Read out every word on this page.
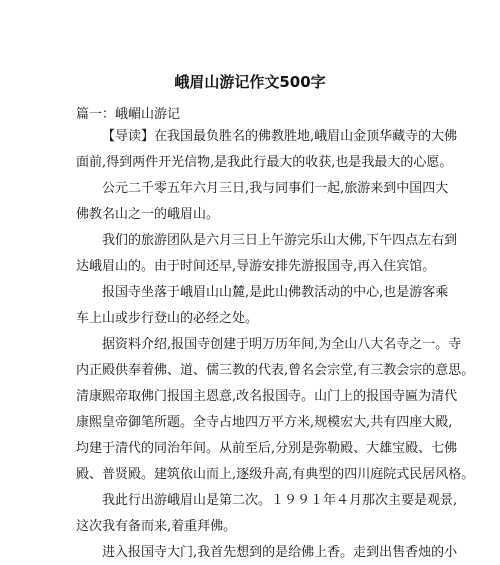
峨眉山游记作文500字

篇一：峨嵋山游记

【导读】在我国最负胜名的佛教胜地,峨眉山金顶华藏寺的大佛
面前,得到两件开光信物,是我此行最大的收获,也是我最大的心愿。

公元二千零五年六月三日,我与同事们一起,旅游来到中国四大
佛教名山之一的峨眉山。

我们的旅游团队是六月三日上午游完乐山大佛,下午四点左右到
达峨眉山的。由于时间还早,导游安排先游报国寺,再入住宾馆。

报国寺坐落于峨眉山山麓,是此山佛教活动的中心,也是游客乘
车上山或步行登山的必经之处。

据资料介绍,报国寺创建于明万历年间,为全山八大名寺之一。寺
内正殿供奉着佛、道、儒三教的代表,曾名会宗堂,有三教会宗的意思。
清康熙帝取佛门报国主恩意,改名报国寺。山门上的报国寺匾为清代
康熙皇帝御笔所题。全寺占地四万平方米,规模宏大,共有四座大殿,
均建于清代的同治年间。从前至后,分别是弥勒殿、大雄宝殿、七佛
殿、普贤殿。建筑依山而上,逐级升高,有典型的四川庭院式民居风格。

我此行出游峨眉山是第二次。１９９１年４月那次主要是观景,
这次我有备而来,着重拜佛。

进入报国寺大门,我首先想到的是给佛上香。走到出售香烛的小
